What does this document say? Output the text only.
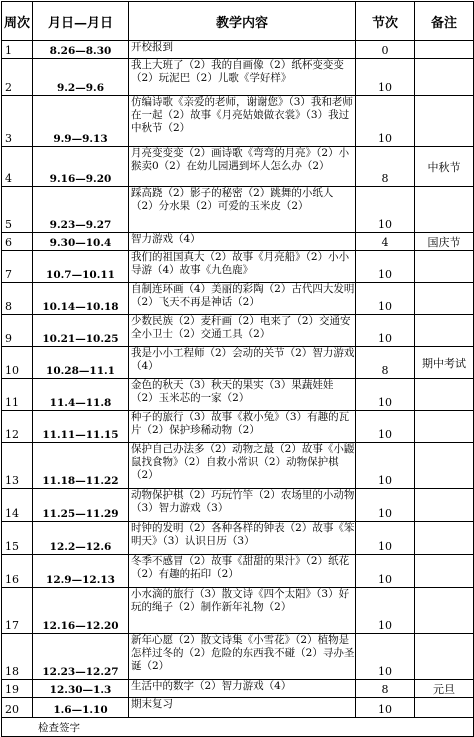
周次	月日—月日	教学内容	节次	备注

1	8.26—8.30	开校报到	0	

2	9.2—9.6	我上大班了（2）我的自画像（2）纸杯变变变（2）玩泥巴（2）儿歌《学好样》	10	

3	9.9—9.13	仿编诗歌《亲爱的老师，谢谢您》（3）我和老师在一起（2）故事《月亮姑娘做衣裳》（3）我过中秋节（2）	10	

4	9.16—9.20	月亮变变变（2）画诗歌《弯弯的月亮》（2）小猴卖0（2）在幼儿园遇到坏人怎么办（2）	8	中秋节

5	9.23—9.27	踩高跷（2）影子的秘密（2）跳舞的小纸人（2）分水果（2）可爱的玉米皮（2）	10	

6	9.30—10.4	智力游戏（4）	4	国庆节

7	10.7—10.11	我们的祖国真大（2）故事《月亮船》（2）小小导游（4）故事《九色鹿》	10	

8	10.14—10.18	自制连环画（4）美丽的彩陶（2）古代四大发明（2）飞天不再是神话（2）	10	

9	10.21—10.25	少数民族（2）麦秆画（2）电来了（2）交通安全小卫士（2）交通工具（2）	10	

10	10.28—11.1	我是小小工程师（2）会动的关节（2）智力游戏（4）	8	期中考试

11	11.4—11.8	金色的秋天（3）秋天的果实（3）果蔬娃娃（2）玉米芯的一家（2）	10	

12	11.11—11.15	种子的旅行（3）故事《救小兔》（3）有趣的瓦片（2）保护珍稀动物（2）	10	

13	11.18—11.22	保护自己办法多（2）动物之最（2）故事《小鼹鼠找食物》（2）自救小常识（2）动物保护棋（2）	10	

14	11.25—11.29	动物保护棋（2）巧玩竹竿（2）农场里的小动物（3）智力游戏（3）	10	

15	12.2—12.6	时钟的发明（2）各种各样的钟表（2）故事《笨明天》（3）认识日历（3）	10	

16	12.9—12.13	冬季不感冒（2）故事《甜甜的果汁》（2）纸花（2）有趣的拓印（2）	10	

17	12.16—12.20	小水滴的旅行（3）散文诗《四个太阳》（3）好玩的绳子（2）制作新年礼物（2）	10	

18	12.23—12.27	新年心愿（2）散文诗集《小雪花》（2）植物是怎样过冬的（2）危险的东西我不碰（2）寻办圣诞（2）	10	

19	12.30—1.3	生活中的数字（2）智力游戏（4）	8	元旦

20	1.6—1.10	期末复习	10	

检查签字				
